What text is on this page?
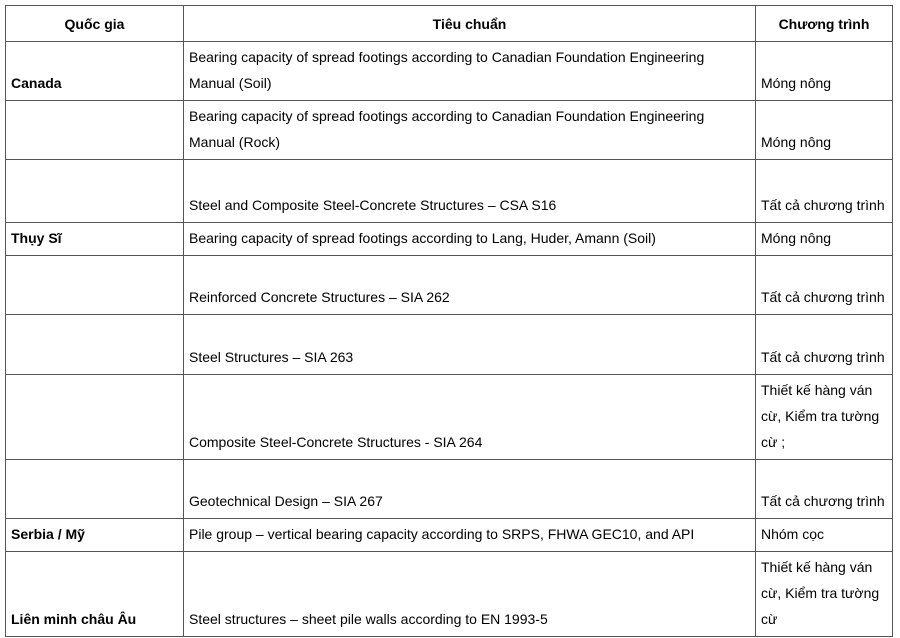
Quốc gia	Tiêu chuẩn	Chương trình
Canada	Bearing capacity of spread footings according to Canadian Foundation Engineering Manual (Soil)	Móng nông
	Bearing capacity of spread footings according to Canadian Foundation Engineering Manual (Rock)	Móng nông
	Steel and Composite Steel-Concrete Structures – CSA S16	Tất cả chương trình
Thụy Sĩ	Bearing capacity of spread footings according to Lang, Huder, Amann (Soil)	Móng nông
	Reinforced Concrete Structures – SIA 262	Tất cả chương trình
	Steel Structures – SIA 263	Tất cả chương trình
	Composite Steel-Concrete Structures - SIA 264	Thiết kế hàng ván cừ, Kiểm tra tường cừ ;
	Geotechnical Design – SIA 267	Tất cả chương trình
Serbia / Mỹ	Pile group – vertical bearing capacity according to SRPS, FHWA GEC10, and API	Nhóm cọc
Liên minh châu Âu	Steel structures – sheet pile walls according to EN 1993-5	Thiết kế hàng ván cừ, Kiểm tra tường cừ
